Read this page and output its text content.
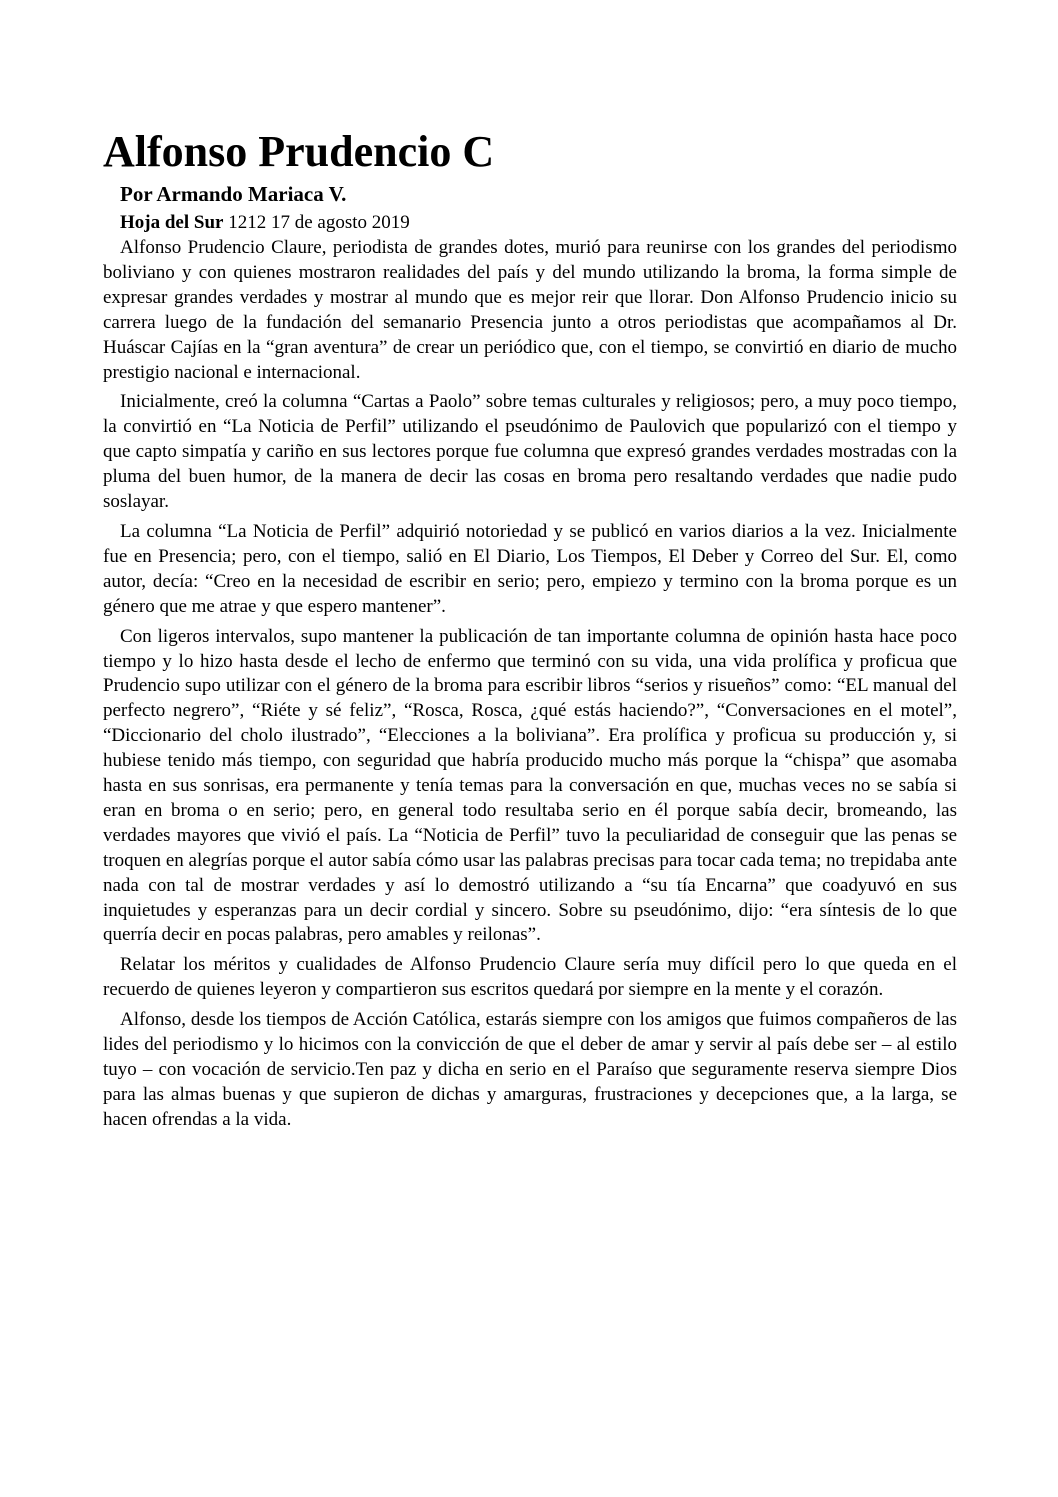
Alfonso Prudencio C
Por Armando Mariaca V.
Hoja del Sur 1212 17 de agosto 2019

Alfonso Prudencio Claure, periodista de grandes dotes, murió para reunirse con los grandes del periodismo boliviano y con quienes mostraron realidades del país y del mundo utilizando la broma, la forma simple de expresar grandes verdades y mostrar al mundo que es mejor reir que llorar. Don Alfonso Prudencio inicio su carrera luego de la fundación del semanario Presencia junto a otros periodistas que acompañamos al Dr. Huáscar Cajías en la “gran aventura” de crear un periódico que, con el tiempo, se convirtió en diario de mucho prestigio nacional e internacional.

Inicialmente, creó la columna “Cartas a Paolo” sobre temas culturales y religiosos; pero, a muy poco tiempo, la convirtió en “La Noticia de Perfil” utilizando el pseudónimo de Paulovich que popularizó con el tiempo y que capto simpatía y cariño en sus lectores porque fue columna que expresó grandes verdades mostradas con la pluma del buen humor, de la manera de decir las cosas en broma pero resaltando verdades que nadie pudo soslayar.

La columna “La Noticia de Perfil” adquirió notoriedad y se publicó en varios diarios a la vez. Inicialmente fue en Presencia; pero, con el tiempo, salió en El Diario, Los Tiempos, El Deber y Correo del Sur. El, como autor, decía: “Creo en la necesidad de escribir en serio; pero, empiezo y termino con la broma porque es un género que me atrae y que espero mantener”.

Con ligeros intervalos, supo mantener la publicación de tan importante columna de opinión hasta hace poco tiempo y lo hizo hasta desde el lecho de enfermo que terminó con su vida, una vida prolífica y proficua que Prudencio supo utilizar con el género de la broma para escribir libros “serios y risueños” como: “EL manual del perfecto negrero”, “Riéte y sé feliz”, “Rosca, Rosca, ¿qué estás haciendo?”, “Conversaciones en el motel”, “Diccionario del cholo ilustrado”, “Elecciones a la boliviana”. Era prolífica y proficua su producción y, si hubiese tenido más tiempo, con seguridad que habría producido mucho más porque la “chispa” que asomaba hasta en sus sonrisas, era permanente y tenía temas para la conversación en que, muchas veces no se sabía si eran en broma o en serio; pero, en general todo resultaba serio en él porque sabía decir, bromeando, las verdades mayores que vivió el país. La “Noticia de Perfil” tuvo la peculiaridad de conseguir que las penas se troquen en alegrías porque el autor sabía cómo usar las palabras precisas para tocar cada tema; no trepidaba ante nada con tal de mostrar verdades y así lo demostró utilizando a “su tía Encarna” que coadyuvó en sus inquietudes y esperanzas para un decir cordial y sincero. Sobre su pseudónimo, dijo: “era síntesis de lo que querría decir en pocas palabras, pero amables y reilonas”.

Relatar los méritos y cualidades de Alfonso Prudencio Claure sería muy difícil pero lo que queda en el recuerdo de quienes leyeron y compartieron sus escritos quedará por siempre en la mente y el corazón.

Alfonso, desde los tiempos de Acción Católica, estarás siempre con los amigos que fuimos compañeros de las lides del periodismo y lo hicimos con la convicción de que el deber de amar y servir al país debe ser – al estilo tuyo – con vocación de servicio.Ten paz y dicha en serio en el Paraíso que seguramente reserva siempre Dios para las almas buenas y que supieron de dichas y amarguras, frustraciones y decepciones que, a la larga, se hacen ofrendas a la vida.
